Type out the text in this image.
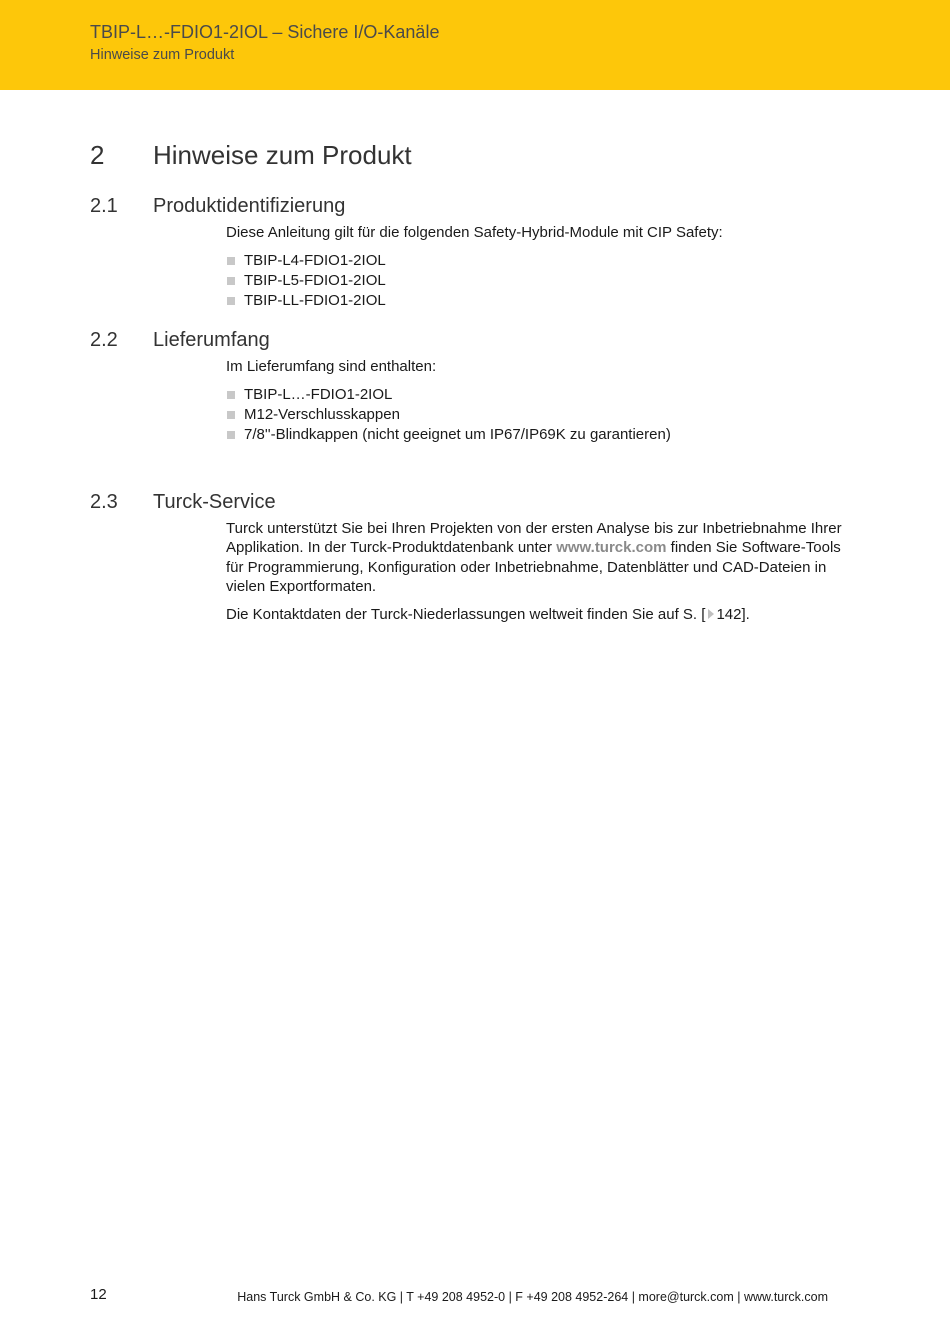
TBIP-L…-FDIO1-2IOL – Sichere I/O-Kanäle
Hinweise zum Produkt
2 Hinweise zum Produkt
2.1 Produktidentifizierung
Diese Anleitung gilt für die folgenden Safety-Hybrid-Module mit CIP Safety:
TBIP-L4-FDIO1-2IOL
TBIP-L5-FDIO1-2IOL
TBIP-LL-FDIO1-2IOL
2.2 Lieferumfang
Im Lieferumfang sind enthalten:
TBIP-L…-FDIO1-2IOL
M12-Verschlusskappen
7/8''-Blindkappen (nicht geeignet um IP67/IP69K zu garantieren)
2.3 Turck-Service
Turck unterstützt Sie bei Ihren Projekten von der ersten Analyse bis zur Inbetriebnahme Ihrer Applikation. In der Turck-Produktdatenbank unter www.turck.com finden Sie Software-Tools für Programmierung, Konfiguration oder Inbetriebnahme, Datenblätter und CAD-Dateien in vielen Exportformaten.
Die Kontaktdaten der Turck-Niederlassungen weltweit finden Sie auf S. [ 142].
12	Hans Turck GmbH & Co. KG | T +49 208 4952-0 | F +49 208 4952-264 | more@turck.com | www.turck.com
